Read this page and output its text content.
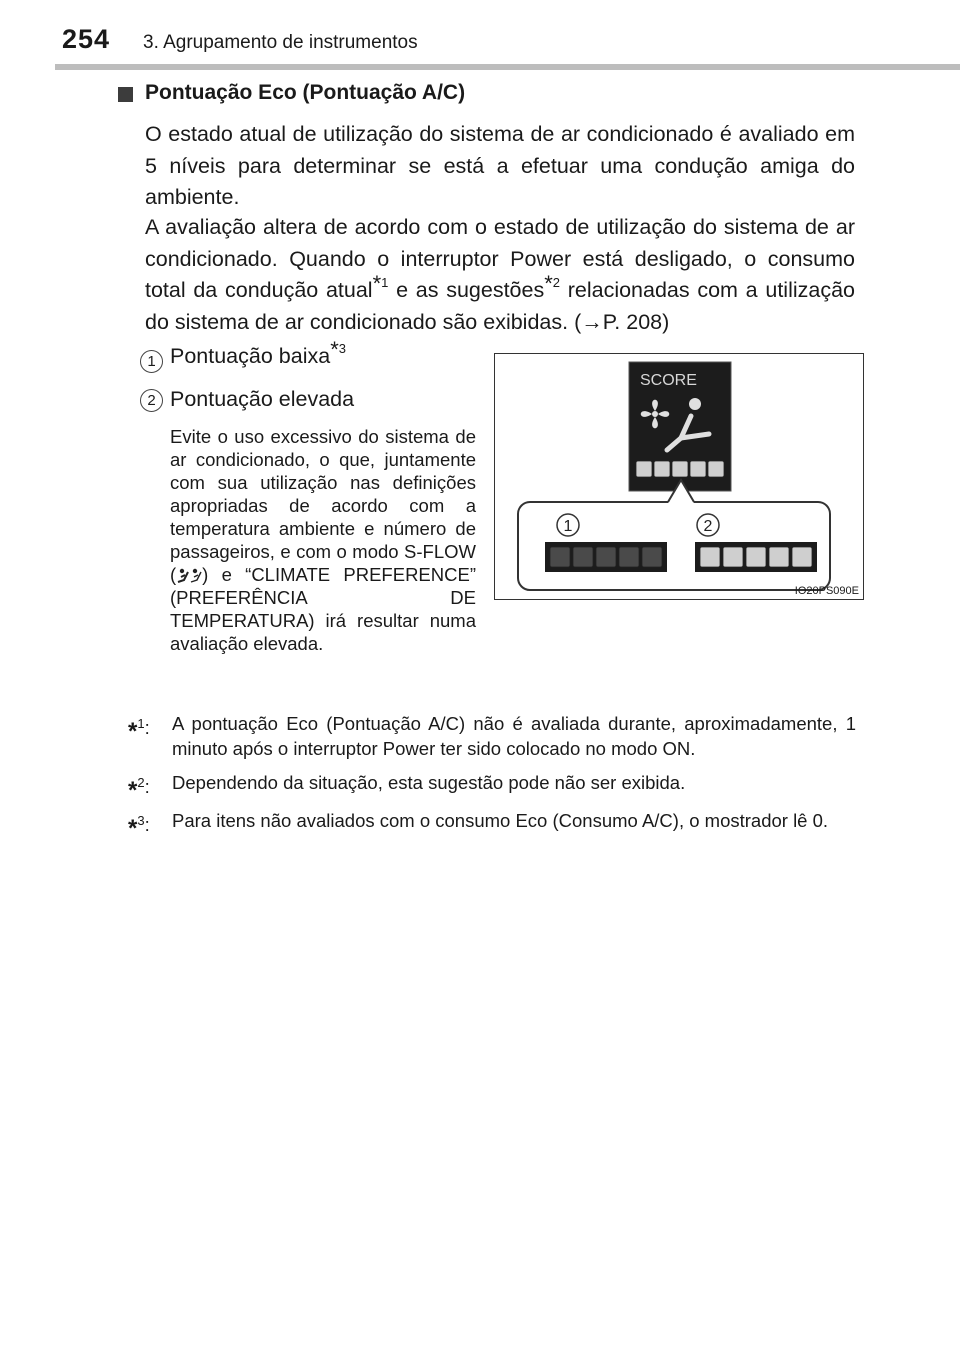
254 3. Agrupamento de instrumentos
Pontuação Eco (Pontuação A/C)
O estado atual de utilização do sistema de ar condicionado é avaliado em 5 níveis para determinar se está a efetuar uma condução amiga do ambiente.
A avaliação altera de acordo com o estado de utilização do sistema de ar condicionado. Quando o interruptor Power está desligado, o consumo total da condução atual$^{*1}$ e as sugestões$^{*2}$ relacionadas com a utilização do sistema de ar condicionado são exibidas. (→P. 208)
1 Pontuação baixa$^{*3}$
2 Pontuação elevada
Evite o uso excessivo do sistema de ar condicionado, o que, juntamente com sua utilização nas definições apropriadas de acordo com a temperatura ambiente e número de passageiros, e com o modo S-FLOW ( ) e “CLIMATE PREFERENCE” (PREFERÊNCIA DE TEMPERATURA) irá resultar numa avaliação elevada.
SCORE
1	2
IO20PS090E
*$^1$:	A pontuação Eco (Pontuação A/C) não é avaliada durante, aproximadamente, 1 minuto após o interruptor Power ter sido colocado no modo ON.
*$^2$:	Dependendo da situação, esta sugestão pode não ser exibida.
*$^3$:	Para itens não avaliados com o consumo Eco (Consumo A/C), o mostrador lê 0.
